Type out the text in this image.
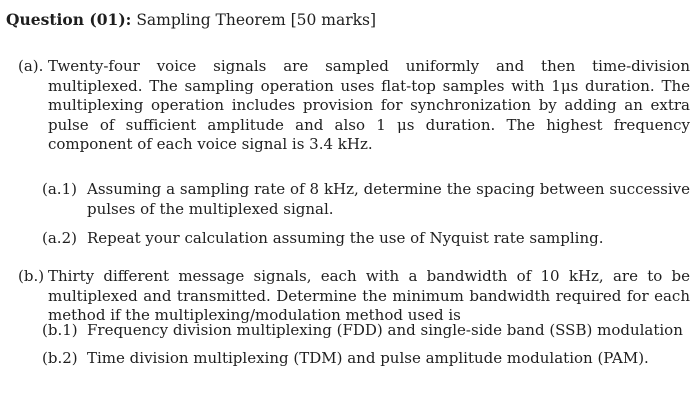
Question (01): Sampling Theorem [50 marks]
(a). Twenty-four voice signals are sampled uniformly and then time-division multiplexed. The sampling operation uses flat-top samples with 1μs duration. The multiplexing operation includes provision for synchronization by adding an extra pulse of sufficient amplitude and also 1 μs duration. The highest frequency component of each voice signal is 3.4 kHz.
(a.1) Assuming a sampling rate of 8 kHz, determine the spacing between successive pulses of the multiplexed signal.
(a.2) Repeat your calculation assuming the use of Nyquist rate sampling.
(b.) Thirty different message signals, each with a bandwidth of 10 kHz, are to be multiplexed and transmitted. Determine the minimum bandwidth required for each method if the multiplexing/modulation method used is
(b.1) Frequency division multiplexing (FDD) and single-side band (SSB) modulation
(b.2) Time division multiplexing (TDM) and pulse amplitude modulation (PAM).
